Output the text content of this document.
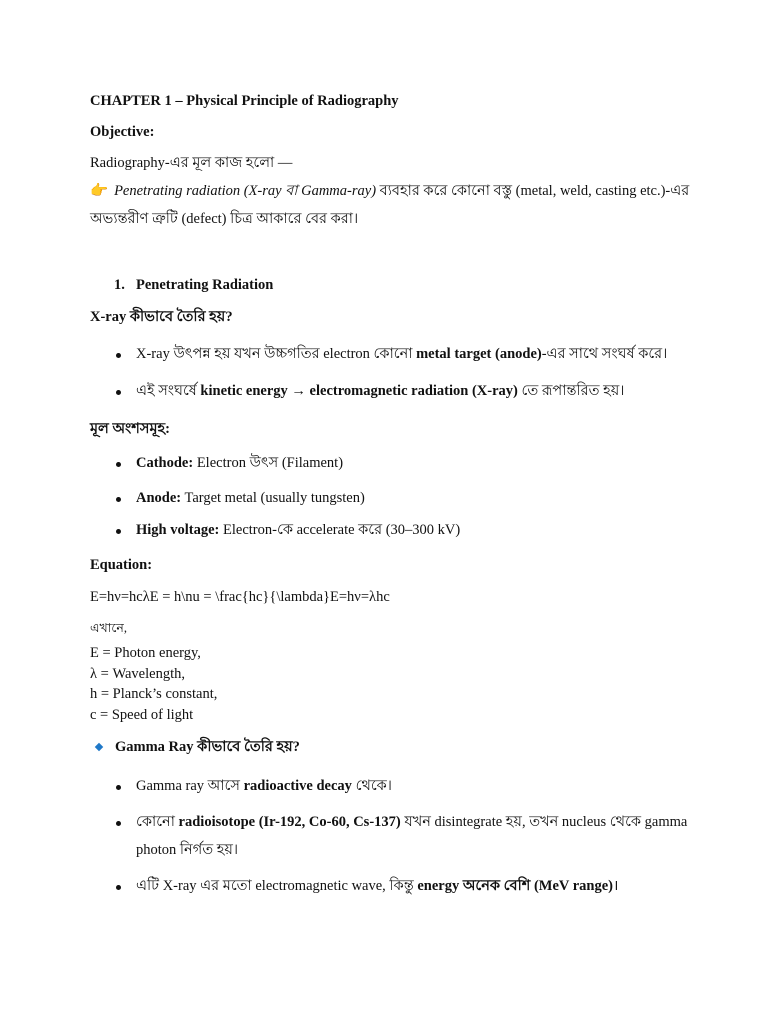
CHAPTER 1 – Physical Principle of Radiography
Objective:
Radiography-এর মূল কাজ হলো —
👉 Penetrating radiation (X-ray বা Gamma-ray) ব্যবহার করে কোনো বস্তু (metal, weld, casting etc.)-এর
অভ্যন্তরীণ ত্রুটি (defect) চিত্র আকারে বের করা।
1. Penetrating Radiation
X-ray কীভাবে তৈরি হয়?
X-ray উৎপন্ন হয় যখন উচ্চগতির electron কোনো metal target (anode)-এর সাথে সংঘর্ষ করে।
এই সংঘর্ষে kinetic energy → electromagnetic radiation (X-ray) তে রূপান্তরিত হয়।
মূল অংশসমূহ:
Cathode: Electron উৎস (Filament)
Anode: Target metal (usually tungsten)
High voltage: Electron-কে accelerate করে (30–300 kV)
Equation:
E=hν=hcλE = h\nu = \frac{hc}{\lambda}E=hν=λhc
এখানে,
E = Photon energy,
λ = Wavelength,
h = Planck’s constant,
c = Speed of light
Gamma Ray কীভাবে তৈরি হয়?
Gamma ray আসে radioactive decay থেকে।
কোনো radioisotope (Ir-192, Co-60, Cs-137) যখন disintegrate হয়, তখন nucleus থেকে gamma
photon নির্গত হয়।
এটি X-ray এর মতো electromagnetic wave, কিন্তু energy অনেক বেশি (MeV range)।
